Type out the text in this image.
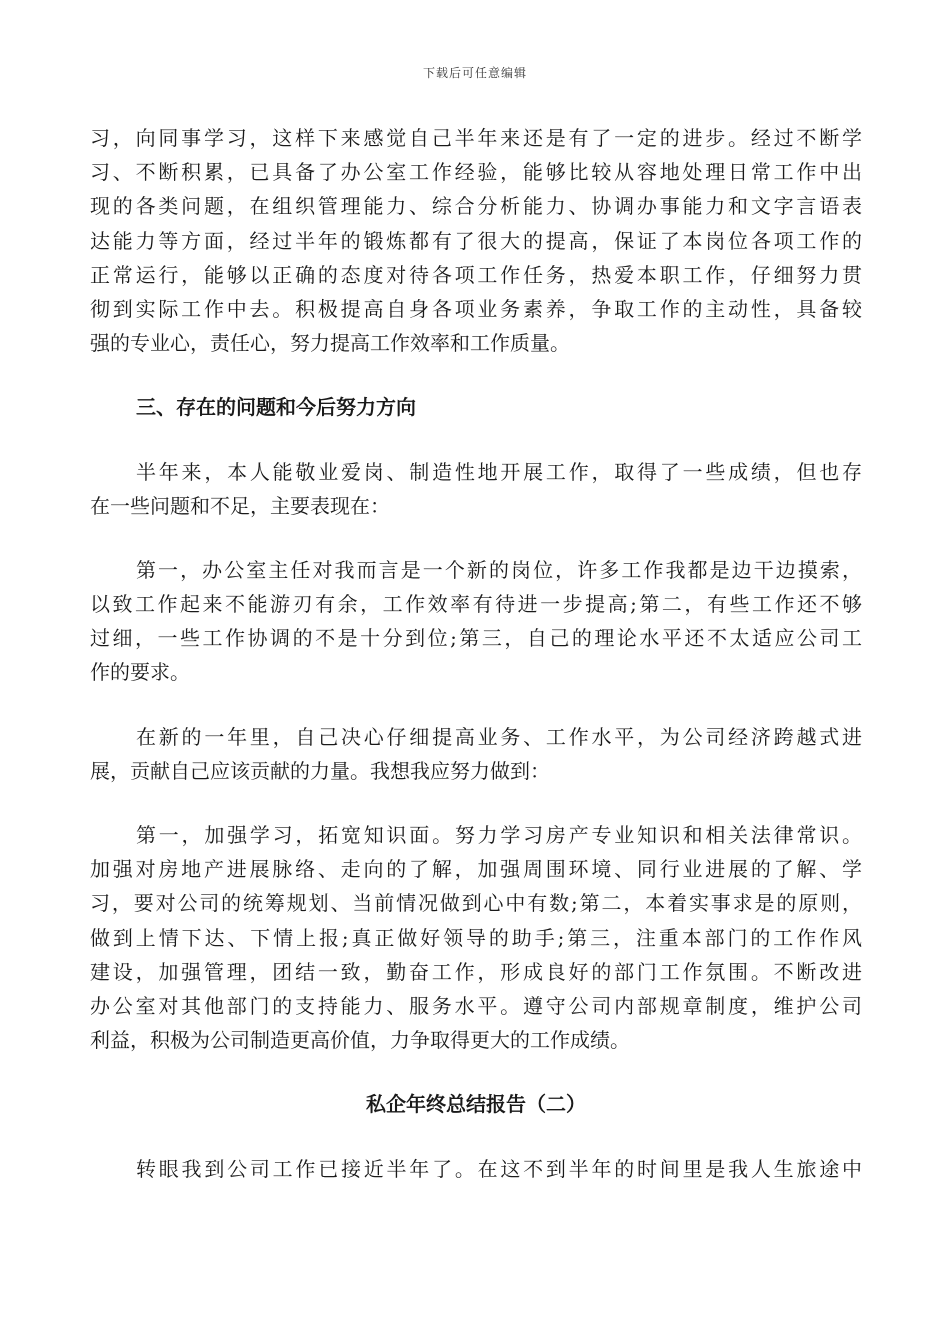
下载后可任意编辑
习，向同事学习，这样下来感觉自己半年来还是有了一定的进步。经过不断学
习、不断积累，已具备了办公室工作经验，能够比较从容地处理日常工作中出
现的各类问题，在组织管理能力、综合分析能力、协调办事能力和文字言语表
达能力等方面，经过半年的锻炼都有了很大的提高，保证了本岗位各项工作的
正常运行，能够以正确的态度对待各项工作任务，热爱本职工作，仔细努力贯
彻到实际工作中去。积极提高自身各项业务素养，争取工作的主动性，具备较
强的专业心，责任心，努力提高工作效率和工作质量。
三、存在的问题和今后努力方向
半年来，本人能敬业爱岗、制造性地开展工作，取得了一些成绩，但也存
在一些问题和不足，主要表现在：
第一，办公室主任对我而言是一个新的岗位，许多工作我都是边干边摸索，
以致工作起来不能游刃有余，工作效率有待进一步提高;第二，有些工作还不够
过细，一些工作协调的不是十分到位;第三，自己的理论水平还不太适应公司工
作的要求。
在新的一年里，自己决心仔细提高业务、工作水平，为公司经济跨越式进
展，贡献自己应该贡献的力量。我想我应努力做到：
第一，加强学习，拓宽知识面。努力学习房产专业知识和相关法律常识。
加强对房地产进展脉络、走向的了解，加强周围环境、同行业进展的了解、学
习，要对公司的统筹规划、当前情况做到心中有数;第二，本着实事求是的原则，
做到上情下达、下情上报;真正做好领导的助手;第三，注重本部门的工作作风
建设，加强管理，团结一致，勤奋工作，形成良好的部门工作氛围。不断改进
办公室对其他部门的支持能力、服务水平。遵守公司内部规章制度，维护公司
利益，积极为公司制造更高价值，力争取得更大的工作成绩。
私企年终总结报告（二）
转眼我到公司工作已接近半年了。在这不到半年的时间里是我人生旅途中
